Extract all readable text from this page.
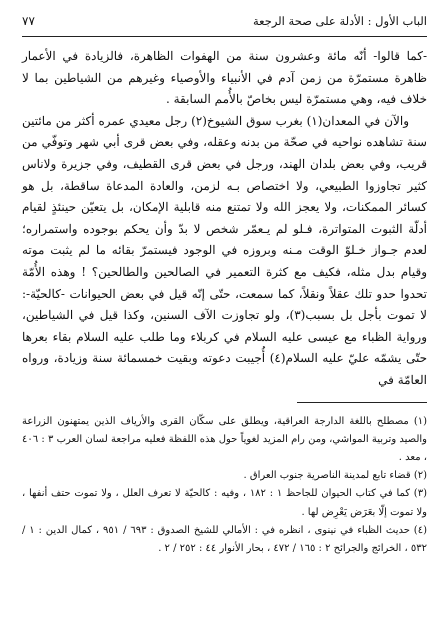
الباب الأول : الأدلة على صحة الرجعة
٧٧

-كما قالوا- أنّه مائة وعشرون سنة من الهفوات الظاهرة، فالزيادة في الأعمار ظاهرة مستمرّة من زمن آدم في الأنبياء والأوصياء وغيرهم من الشياطين بما لا خلاف فيه، وهي مستمرّة ليس بخاصّ بالأُمم السابقة .

والآن في المعدان(١) بغرب سوق الشيوخ(٢) رجل معيدي عمره أكثر من مائتين سنة تشاهده نواحيه في صحّة من بدنه وعقله، وفي بعض قرى أبي شهر وتوفّي من قريب، وفي بعض بلدان الهند، ورجل في بعض قرى القطيف، وفي جزيرة ولاناس كثير تجاوزوا الطبيعي، ولا اختصاص بـه لزمن، والعادة المدعاة ساقطة، بل هو كسائر الممكنات، ولا يعجز الله ولا تمتنع منه قابلية الإمكان، بل يتعيّن حينئذٍ لقيام أدلّة الثبوت المتواترة، فـلو لم يـعمّر شخص لا بدّ وأن يحكم بوجوده واستمراره؛ لعدم جـواز خـلوّ الوقت مـنه وبروزه في الوجود فيستمرّ بقائه ما لم يثبت موته وقيام بدل مثله، فكيف مع كثرة التعمير في الصالحين والطالحين؟ ! وهذه الأُمّة تحدوا حدو تلك عقلاً ونقلاً، كما سمعت، حتّى إنّه قيل في بعض الحيوانات -كالحيّة-: لا تموت بأجل بل بسبب(٣)، ولو تجاوزت الآف السنين، وكذا قيل في الشياطين، ورواية الظباء مع عيسى عليه السلام في كربلاء وما طلب عليه السلام بقاء بعرها حتّى يشمّه عليّ عليه السلام(٤) أُجيبت دعوته وبقيت خمسمائة سنة وزيادة، ورواه العامّة في

(١) مصطلح باللغة الدارجة العراقية، ويطلق على سكّان القرى والأرياف الذين يمتهنون الزراعة والصيد وتربية المواشي، ومن رام المزيد لغوياً حول هذه اللفظة فعليه مراجعة لسان العرب ٣ : ٤٠٦ ، معد .

(٢) قضاء تابع لمدينة الناصرية جنوب العراق .

(٣) كما في كتاب الحيوان للجاحظ ١ : ١٨٢ ، وفيه : كالحيّة لا تعرف العلل ، ولا تموت حتف أنفها ، ولا تموت إلّا بعَرَض يَعْرِض لها .

(٤) حديث الظباء في نينوى ، انظره في : الأمالي للشيخ الصدوق : ٦٩٣ / ٩٥١ ، كمال الدين : ١ / ٥٣٢ ، الخرائج والجرائح ٢ : ١٦٥ / ٤٧٢ ، بحار الأنوار ٤٤ : ٢٥٢ / ٢ .
